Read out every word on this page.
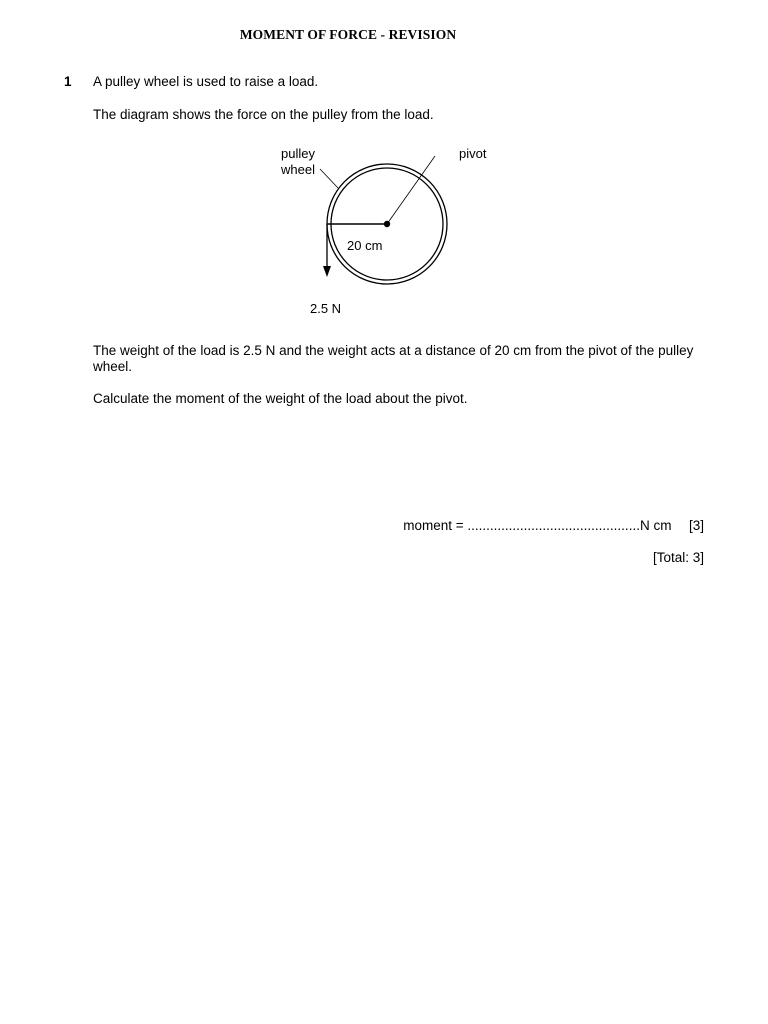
MOMENT OF FORCE - REVISION
1 A pulley wheel is used to raise a load.
The diagram shows the force on the pulley from the load.
pulley
wheel
pivot
20 cm
2.5 N
The weight of the load is 2.5 N and the weight acts at a distance of 20 cm from the pivot of the pulley wheel.
Calculate the moment of the weight of the load about the pivot.
moment = ..............................................N cm [3]
[Total: 3]
